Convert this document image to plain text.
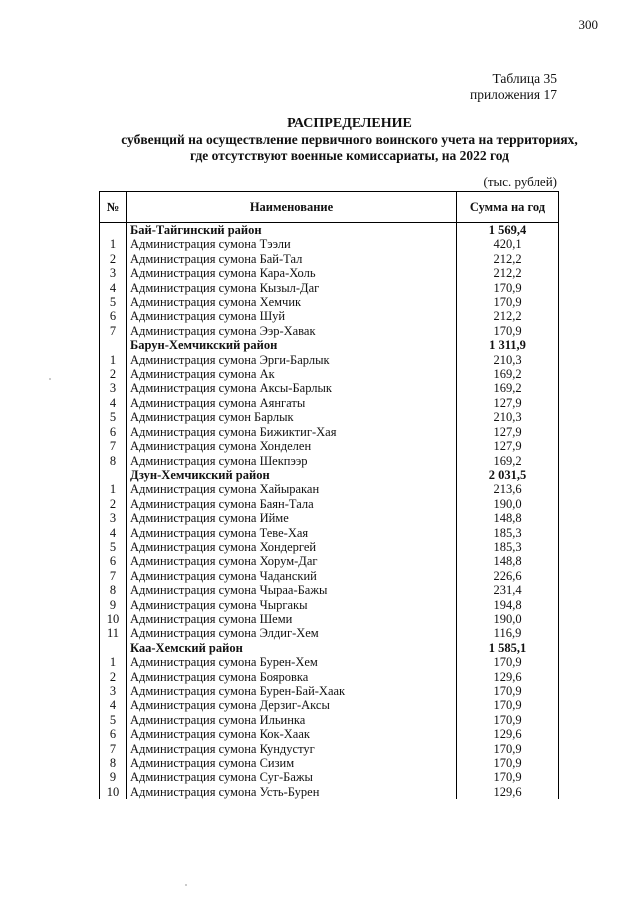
300
Таблица 35
приложения 17
РАСПРЕДЕЛЕНИЕ
субвенций на осуществление первичного воинского учета на территориях,
где отсутствуют военные комиссариаты, на 2022 год
(тыс. рублей)
№	Наименование	Сумма на год
	Бай-Тайгинский район	1 569,4
1	Администрация сумона Тээли	420,1
2	Администрация сумона Бай-Тал	212,2
3	Администрация сумона Кара-Холь	212,2
4	Администрация сумона Кызыл-Даг	170,9
5	Администрация сумона Хемчик	170,9
6	Администрация сумона Шуй	212,2
7	Администрация сумона Ээр-Хавак	170,9
	Барун-Хемчикский район	1 311,9
1	Администрация сумона Эрги-Барлык	210,3
2	Администрация сумона Ак	169,2
3	Администрация сумона Аксы-Барлык	169,2
4	Администрация сумона Аянгаты	127,9
5	Администрация сумон Барлык	210,3
6	Администрация сумона Бижиктиг-Хая	127,9
7	Администрация сумона Хонделен	127,9
8	Администрация сумона Шекпээр	169,2
	Дзун-Хемчикский район	2 031,5
1	Администрация сумона Хайыракан	213,6
2	Администрация сумона Баян-Тала	190,0
3	Администрация сумона Ийме	148,8
4	Администрация сумона Теве-Хая	185,3
5	Администрация сумона Хондергей	185,3
6	Администрация сумона Хорум-Даг	148,8
7	Администрация сумона Чаданский	226,6
8	Администрация сумона Чыраа-Бажы	231,4
9	Администрация сумона Чыргакы	194,8
10	Администрация сумона Шеми	190,0
11	Администрация сумона Элдиг-Хем	116,9
	Каа-Хемский район	1 585,1
1	Администрация сумона Бурен-Хем	170,9
2	Администрация сумона Бояровка	129,6
3	Администрация сумона Бурен-Бай-Хаак	170,9
4	Администрация сумона Дерзиг-Аксы	170,9
5	Администрация сумона Ильинка	170,9
6	Администрация сумона Кок-Хаак	129,6
7	Администрация сумона Кундустуг	170,9
8	Администрация сумона Сизим	170,9
9	Администрация сумона Суг-Бажы	170,9
10	Администрация сумона Усть-Бурен	129,6
